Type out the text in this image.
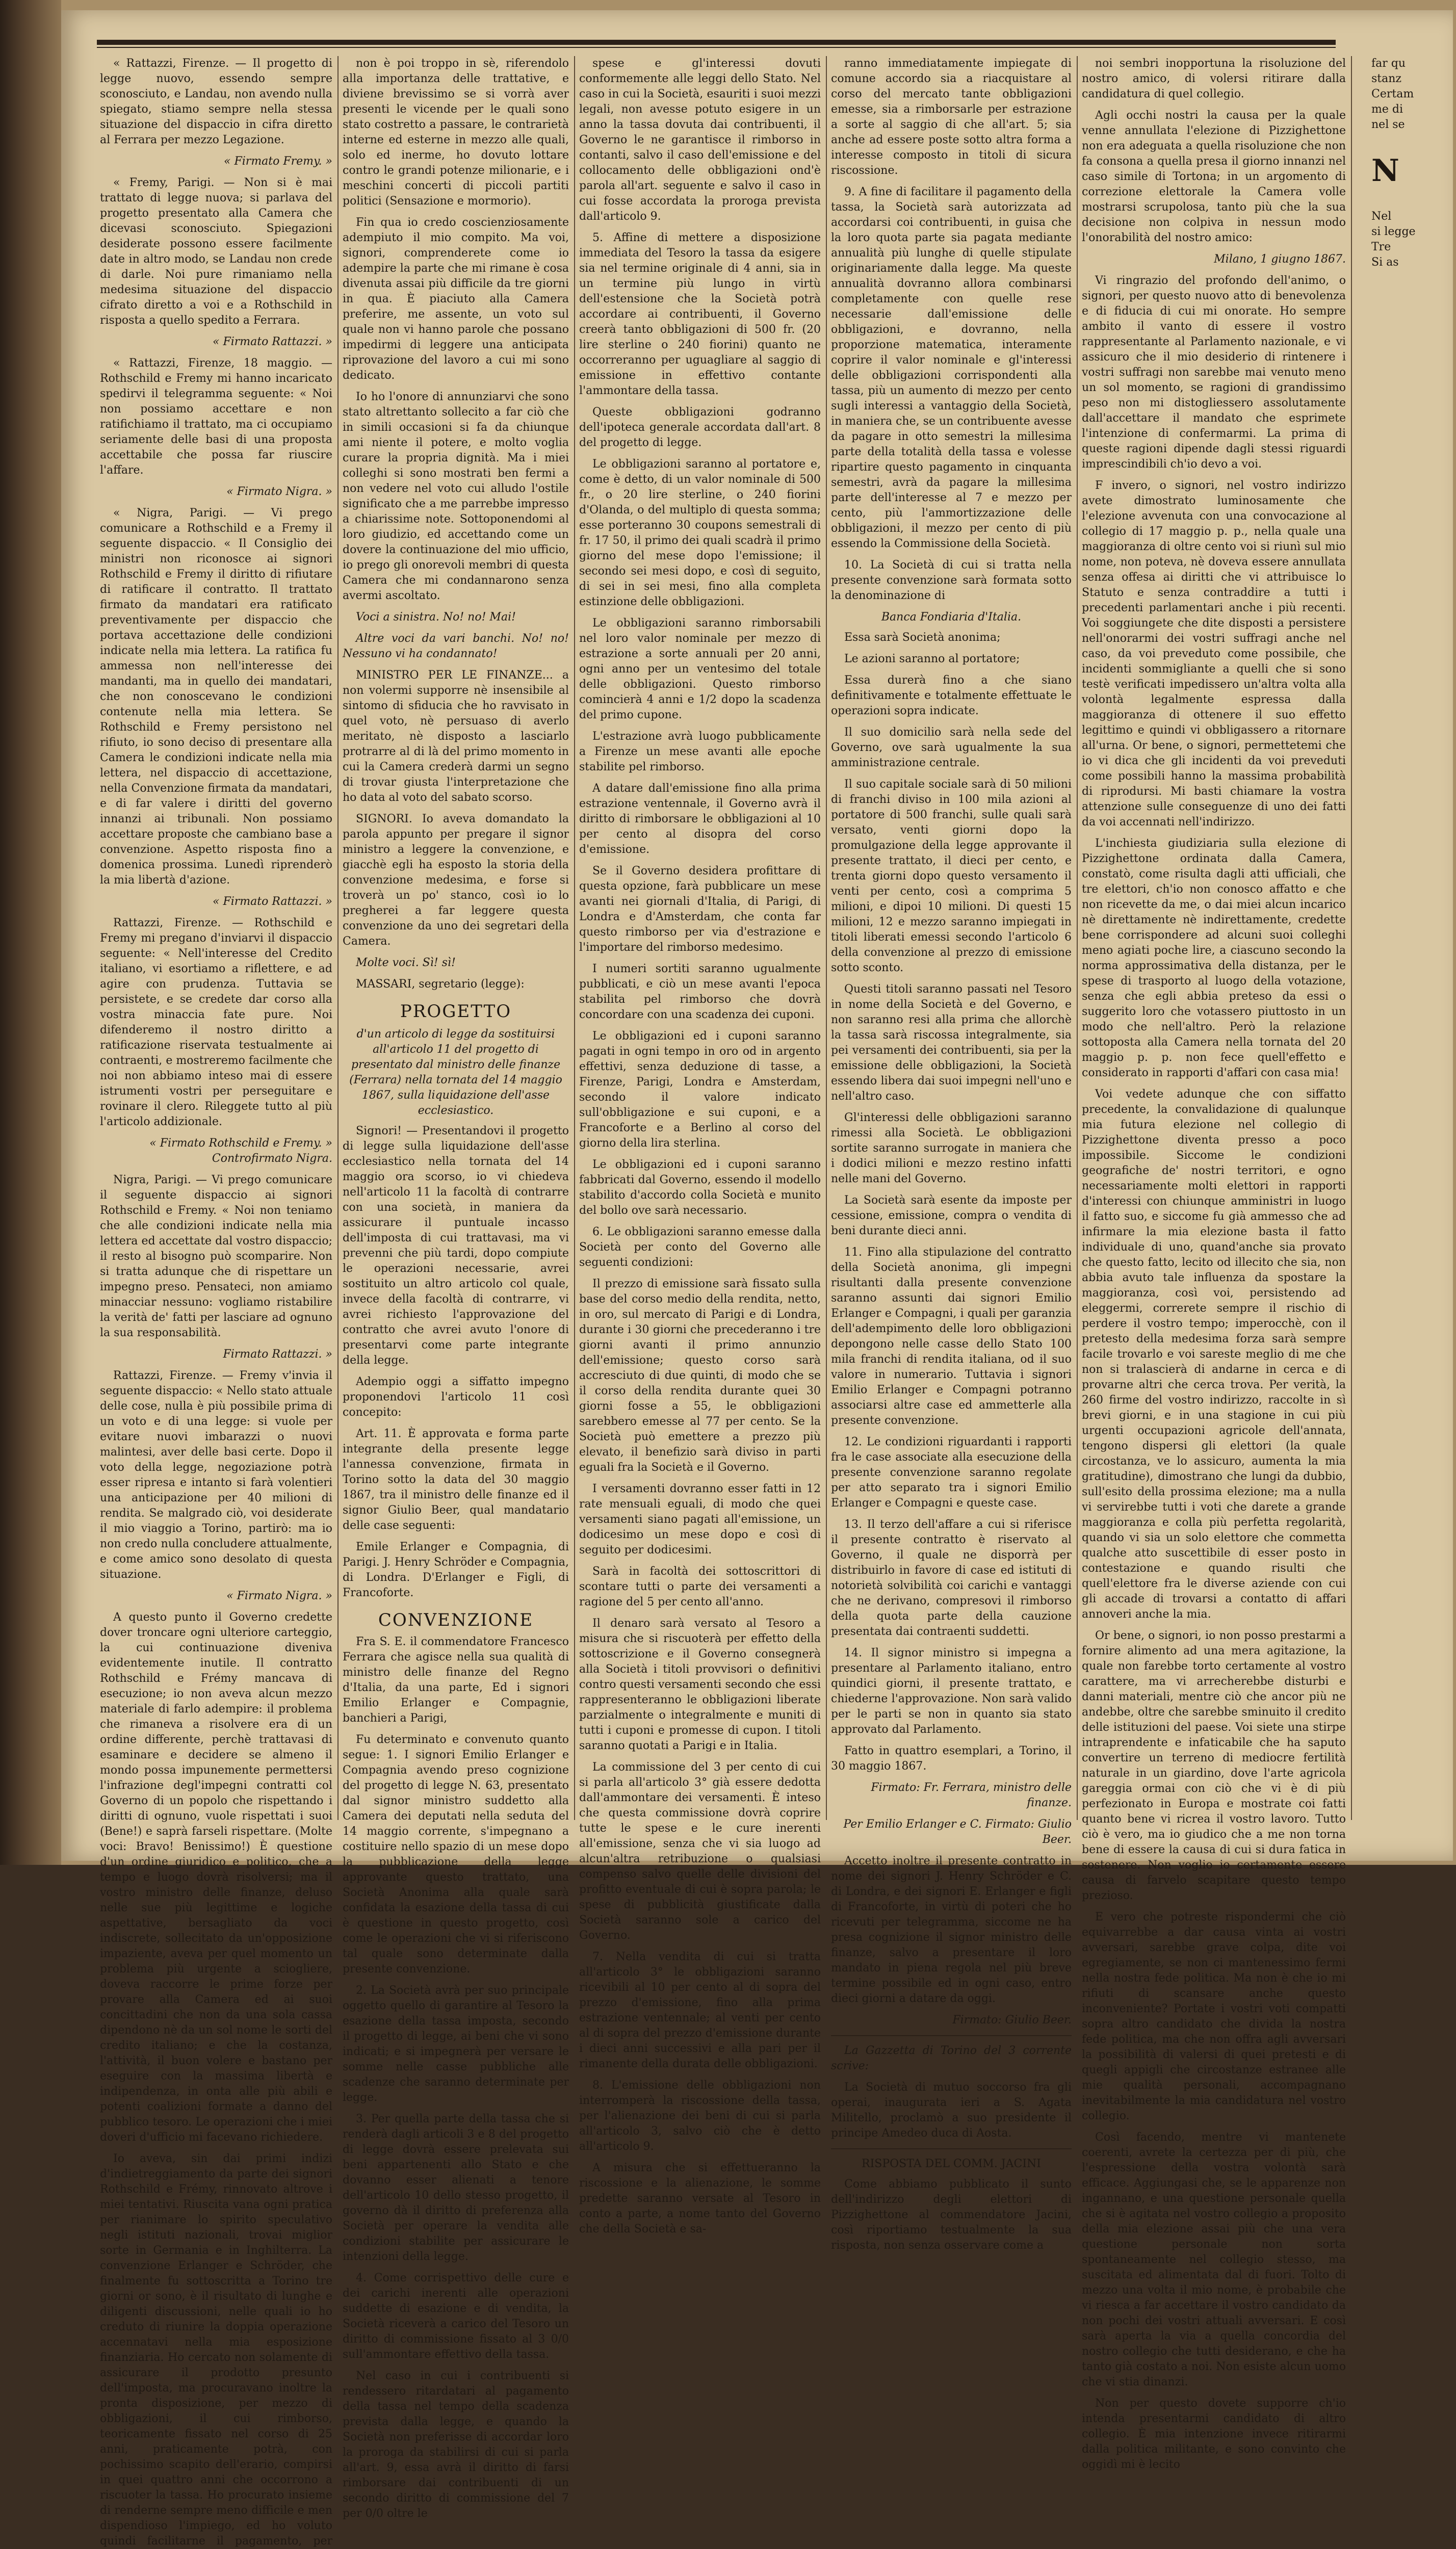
« Rattazzi, Firenze. — Il progetto di legge nuovo, essendo sempre sconosciuto, e Landau, non avendo nulla spiegato, stiamo sempre nella stessa situazione del dispaccio in cifra diretto al Ferrara per mezzo Legazione.

« Firmato Fremy. »

« Fremy, Parigi. — Non si è mai trattato di legge nuova; si parlava del progetto presentato alla Camera che dicevasi sconosciuto. Spiegazioni desiderate possono essere facilmente date in altro modo, se Landau non crede di darle. Noi pure rimaniamo nella medesima situazione del dispaccio cifrato diretto a voi e a Rothschild in risposta a quello spedito a Ferrara.

« Firmato Rattazzi. »

« Rattazzi, Firenze, 18 maggio. — Rothschild e Fremy mi hanno incaricato spedirvi il telegramma seguente: « Noi non possiamo accettare e non ratifichiamo il trattato, ma ci occupiamo seriamente delle basi di una proposta accettabile che possa far riuscire l'affare.

« Firmato Nigra. »

« Nigra, Parigi. — Vi prego comunicare a Rothschild e a Fremy il seguente dispaccio. « Il Consiglio dei ministri non riconosce ai signori Rothschild e Fremy il diritto di rifiutare di ratificare il contratto. Il trattato firmato da mandatari era ratificato preventivamente per dispaccio che portava accettazione delle condizioni indicate nella mia lettera. La ratifica fu ammessa non nell'interesse dei mandanti, ma in quello dei mandatari, che non conoscevano le condizioni contenute nella mia lettera. Se Rothschild e Fremy persistono nel rifiuto, io sono deciso di presentare alla Camera le condizioni indicate nella mia lettera, nel dispaccio di accettazione, nella Convenzione firmata da mandatari, e di far valere i diritti del governo innanzi ai tribunali. Non possiamo accettare proposte che cambiano base a convenzione. Aspetto risposta fino a domenica prossima. Lunedì riprenderò la mia libertà d'azione.

« Firmato Rattazzi. »

Rattazzi, Firenze. — Rothschild e Fremy mi pregano d'inviarvi il dispaccio seguente: « Nell'interesse del Credito italiano, vi esortiamo a riflettere, e ad agire con prudenza. Tuttavia se persistete, e se credete dar corso alla vostra minaccia fate pure. Noi difenderemo il nostro diritto a ratificazione riservata testualmente ai contraenti, e mostreremo facilmente che noi non abbiamo inteso mai di essere istrumenti vostri per perseguitare e rovinare il clero. Rileggete tutto al più l'articolo addizionale.

« Firmato Rothschild e Fremy. » Controfirmato Nigra.

Nigra, Parigi. — Vi prego comunicare il seguente dispaccio ai signori Rothschild e Fremy. « Noi non teniamo che alle condizioni indicate nella mia lettera ed accettate dal vostro dispaccio; il resto al bisogno può scomparire. Non si tratta adunque che di rispettare un impegno preso. Pensateci, non amiamo minacciar nessuno: vogliamo ristabilire la verità de' fatti per lasciare ad ognuno la sua responsabilità.

Firmato Rattazzi. »

Rattazzi, Firenze. — Fremy v'invia il seguente dispaccio: « Nello stato attuale delle cose, nulla è più possibile prima di un voto e di una legge: si vuole per evitare nuovi imbarazzi o nuovi malintesi, aver delle basi certe. Dopo il voto della legge, negoziazione potrà esser ripresa e intanto si farà volentieri una anticipazione per 40 milioni di rendita. Se malgrado ciò, voi desiderate il mio viaggio a Torino, partirò: ma io non credo nulla concludere attualmente, e come amico sono desolato di questa situazione.

« Firmato Nigra. »

A questo punto il Governo credette dover troncare ogni ulteriore carteggio, la cui continuazione diveniva evidentemente inutile. Il contratto Rothschild e Frémy mancava di esecuzione; io non aveva alcun mezzo materiale di farlo adempire: il problema che rimaneva a risolvere era di un ordine differente, perchè trattavasi di esaminare e decidere se almeno il mondo possa impunemente permettersi l'infrazione degl'impegni contratti col Governo di un popolo che rispettando i diritti di ognuno, vuole rispettati i suoi (Bene!) e saprà farseli rispettare. (Molte voci: Bravo! Benissimo!) È questione d'un ordine giuridico e politico, che a tempo e luogo dovrà risolversi; ma il vostro ministro delle finanze, deluso nelle sue più legittime e logiche aspettative, bersagliato da voci indiscrete, sollecitato da un'opposizione impaziente, aveva per quel momento un problema più urgente a sciogliere, doveva raccorre le prime forze per provare alla Camera ed ai suoi concittadini che non da una sola cassa dipendono nè da un sol nome le sorti del credito italiano; e che la costanza, l'attività, il buon volere e bastano per eseguire con la massima libertà e indipendenza, in onta alle più abili e potenti coalizioni formate a danno del pubblico tesoro. Le operazioni che i miei doveri d'ufficio mi facevano richiedere.

Io aveva, sin dai primi indizi d'indietreggiamento da parte dei signori Rothschild e Frémy, rinnovato altrove i miei tentativi. Riuscita vana ogni pratica per rianimare lo spirito speculativo negli istituti nazionali, trovai miglior sorte in Germania e in Inghilterra. La convenzione Erlanger e Schröder, che finalmente fu sottoscritta a Torino tre giorni or sono, è il risultato di lunghe e diligenti discussioni, nelle quali io ho creduto di riunire la doppia operazione accennatavi nella mia esposizione finanziaria. Ho cercato non solamente di assicurare il prodotto presunto dell'imposta, ma procuravano inoltre la pronta disposizione, per mezzo di obbligazioni, il cui rimborso, teoricamente fissato nel corso di 25 anni, praticamente potrà, con pochissimo scapito dell'erario, compirsi in quei quattro anni che occorrono a riscuoter la tassa. Ho procurato insieme di renderne sempre meno difficile e men dispendioso l'impiego, ed ho voluto quindi facilitarne il pagamento, per

non è poi troppo in sè, riferendolo alla importanza delle trattative, e diviene brevissimo se si vorrà aver presenti le vicende per le quali sono stato costretto a passare, le contrarietà interne ed esterne in mezzo alle quali, solo ed inerme, ho dovuto lottare contro le grandi potenze milionarie, e i meschini concerti di piccoli partiti politici (Sensazione e mormorio).

Fin qua io credo coscienziosamente adempiuto il mio compito. Ma voi, signori, comprenderete come io adempire la parte che mi rimane è cosa divenuta assai più difficile da tre giorni in qua. È piaciuto alla Camera preferire, me assente, un voto sul quale non vi hanno parole che possano impedirmi di leggere una anticipata riprovazione del lavoro a cui mi sono dedicato.

Io ho l'onore di annunziarvi che sono stato altrettanto sollecito a far ciò che in simili occasioni si fa da chiunque ami niente il potere, e molto voglia curare la propria dignità. Ma i miei colleghi si sono mostrati ben fermi a non vedere nel voto cui alludo l'ostile significato che a me parrebbe impresso a chiarissime note. Sottoponendomi al loro giudizio, ed accettando come un dovere la continuazione del mio ufficio, io prego gli onorevoli membri di questa Camera che mi condannarono senza avermi ascoltato.

Voci a sinistra. No! no! Mai!

Altre voci da vari banchi. No! no! Nessuno vi ha condannato!

MINISTRO PER LE FINANZE... a non volermi supporre nè insensibile al sintomo di sfiducia che ho ravvisato in quel voto, nè persuaso di averlo meritato, nè disposto a lasciarlo protrarre al di là del primo momento in cui la Camera crederà darmi un segno di trovar giusta l'interpretazione che ho data al voto del sabato scorso.

SIGNORI. Io aveva domandato la parola appunto per pregare il signor ministro a leggere la convenzione, e giacchè egli ha esposto la storia della convenzione medesima, e forse si troverà un po' stanco, così io lo pregherei a far leggere questa convenzione da uno dei segretari della Camera.

Molte voci. Sì! sì!

MASSARI, segretario (legge):

PROGETTO

d'un articolo di legge da sostituirsi all'articolo 11 del progetto di presentato dal ministro delle finanze (Ferrara) nella tornata del 14 maggio 1867, sulla liquidazione dell'asse ecclesiastico.

Signori! — Presentandovi il progetto di legge sulla liquidazione dell'asse ecclesiastico nella tornata del 14 maggio ora scorso, io vi chiedeva nell'articolo 11 la facoltà di contrarre con una società, in maniera da assicurare il puntuale incasso dell'imposta di cui trattavasi, ma vi prevenni che più tardi, dopo compiute le operazioni necessarie, avrei sostituito un altro articolo col quale, invece della facoltà di contrarre, vi avrei richiesto l'approvazione del contratto che avrei avuto l'onore di presentarvi come parte integrante della legge.

Adempio oggi a siffatto impegno proponendovi l'articolo 11 così concepito:

Art. 11. È approvata e forma parte integrante della presente legge l'annessa convenzione, firmata in Torino sotto la data del 30 maggio 1867, tra il ministro delle finanze ed il signor Giulio Beer, qual mandatario delle case seguenti:

Emile Erlanger e Compagnia, di Parigi. J. Henry Schröder e Compagnia, di Londra. D'Erlanger e Figli, di Francoforte.

CONVENZIONE

Fra S. E. il commendatore Francesco Ferrara che agisce nella sua qualità di ministro delle finanze del Regno d'Italia, da una parte, Ed i signori Emilio Erlanger e Compagnie, banchieri a Parigi,

Fu determinato e convenuto quanto segue: 1. I signori Emilio Erlanger e Compagnia avendo preso cognizione del progetto di legge N. 63, presentato dal signor ministro suddetto alla Camera dei deputati nella seduta del 14 maggio corrente, s'impegnano a costituire nello spazio di un mese dopo la pubblicazione della legge approvante questo trattato, una Società Anonima alla quale sarà confidata la esazione della tassa di cui è questione in questo progetto, così come le operazioni che vi si riferiscono tal quale sono determinate dalla presente convenzione.

2. La Società avrà per suo principale oggetto quello di garantire al Tesoro la esazione della tassa imposta, secondo il progetto di legge, ai beni che vi sono indicati; e si impegnerà per versare le somme nelle casse pubbliche alle scadenze che saranno determinate per legge.

3. Per quella parte della tassa che si renderà dagli articoli 3 e 8 del progetto di legge dovrà essere prelevata sui beni appartenenti allo Stato e che dovanno esser alienati a tenore dell'articolo 10 dello stesso progetto, il governo dà il diritto di preferenza alla Società per operare la vendita alle condizioni stabilite per assicurare le intenzioni della legge.

4. Come corrispettivo delle cure e dei carichi inerenti alle operazioni suddette di esazione e di vendita, la Società riceverà a carico del Tesoro un diritto di commissione fissato al 3 0/0 sull'ammontare effettivo della tassa.

Nel caso in cui i contribuenti si rendessero ritardatari al pagamento della tassa nel tempo della scadenza prevista dalla legge, e quando la Società non preferisse di accordar loro la proroga da stabilirsi di cui si parla all'art. 9, essa avrà il diritto di farsi rimborsare dai contribuenti di un secondo diritto di commissione del 7 per 0/0 oltre le

spese e gl'interessi dovuti conformemente alle leggi dello Stato. Nel caso in cui la Società, esauriti i suoi mezzi legali, non avesse potuto esigere in un anno la tassa dovuta dai contribuenti, il Governo le ne garantisce il rimborso in contanti, salvo il caso dell'emissione e del collocamento delle obbligazioni ond'è parola all'art. seguente e salvo il caso in cui fosse accordata la proroga prevista dall'articolo 9.

5. Affine di mettere a disposizione immediata del Tesoro la tassa da esigere sia nel termine originale di 4 anni, sia in un termine più lungo in virtù dell'estensione che la Società potrà accordare ai contribuenti, il Governo creerà tanto obbligazioni di 500 fr. (20 lire sterline o 240 fiorini) quanto ne occorreranno per uguagliare al saggio di emissione in effettivo contante l'ammontare della tassa.

Queste obbligazioni godranno dell'ipoteca generale accordata dall'art. 8 del progetto di legge.

Le obbligazioni saranno al portatore e, come è detto, di un valor nominale di 500 fr., o 20 lire sterline, o 240 fiorini d'Olanda, o del multiplo di questa somma; esse porteranno 30 coupons semestrali di fr. 17 50, il primo dei quali scadrà il primo giorno del mese dopo l'emissione; il secondo sei mesi dopo, e così di seguito, di sei in sei mesi, fino alla completa estinzione delle obbligazioni.

Le obbligazioni saranno rimborsabili nel loro valor nominale per mezzo di estrazione a sorte annuali per 20 anni, ogni anno per un ventesimo del totale delle obbligazioni. Questo rimborso comincierà 4 anni e 1/2 dopo la scadenza del primo cupone.

L'estrazione avrà luogo pubblicamente a Firenze un mese avanti alle epoche stabilite pel rimborso.

A datare dall'emissione fino alla prima estrazione ventennale, il Governo avrà il diritto di rimborsare le obbligazioni al 10 per cento al disopra del corso d'emissione.

Se il Governo desidera profittare di questa opzione, farà pubblicare un mese avanti nei giornali d'Italia, di Parigi, di Londra e d'Amsterdam, che conta far questo rimborso per via d'estrazione e l'importare del rimborso medesimo.

I numeri sortiti saranno ugualmente pubblicati, e ciò un mese avanti l'epoca stabilita pel rimborso che dovrà concordare con una scadenza dei cuponi.

Le obbligazioni ed i cuponi saranno pagati in ogni tempo in oro od in argento effettivi, senza deduzione di tasse, a Firenze, Parigi, Londra e Amsterdam, secondo il valore indicato sull'obbligazione e sui cuponi, e a Francoforte e a Berlino al corso del giorno della lira sterlina.

Le obbligazioni ed i cuponi saranno fabbricati dal Governo, essendo il modello stabilito d'accordo colla Società e munito del bollo ove sarà necessario.

6. Le obbligazioni saranno emesse dalla Società per conto del Governo alle seguenti condizioni:

Il prezzo di emissione sarà fissato sulla base del corso medio della rendita, netto, in oro, sul mercato di Parigi e di Londra, durante i 30 giorni che precederanno i tre giorni avanti il primo annunzio dell'emissione; questo corso sarà accresciuto di due quinti, di modo che se il corso della rendita durante quei 30 giorni fosse a 55, le obbligazioni sarebbero emesse al 77 per cento. Se la Società può emettere a prezzo più elevato, il benefizio sarà diviso in parti eguali fra la Società e il Governo.

I versamenti dovranno esser fatti in 12 rate mensuali eguali, di modo che quei versamenti siano pagati all'emissione, un dodicesimo un mese dopo e così di seguito per dodicesimi.

Sarà in facoltà dei sottoscrittori di scontare tutti o parte dei versamenti a ragione del 5 per cento all'anno.

Il denaro sarà versato al Tesoro a misura che si riscuoterà per effetto della sottoscrizione e il Governo consegnerà alla Società i titoli provvisori o definitivi contro questi versamenti secondo che essi rappresenteranno le obbligazioni liberate parzialmente o integralmente e muniti di tutti i cuponi e promesse di cupon. I titoli saranno quotati a Parigi e in Italia.

La commissione del 3 per cento di cui si parla all'articolo 3° già essere dedotta dall'ammontare dei versamenti. È inteso che questa commissione dovrà coprire tutte le spese e le cure inerenti all'emissione, senza che vi sia luogo ad alcun'altra retribuzione o qualsiasi compenso salvo quelle delle divisioni del profitto eventuale di cui è sopra parola; le spese di pubblicità giustificate dalla Società saranno sole a carico del Governo.

7. Nella vendita di cui si tratta all'articolo 3° le obbligazioni saranno ricevibili al 10 per cento al di sopra del prezzo d'emissione, fino alla prima estrazione ventennale; al venti per cento al di sopra del prezzo d'emissione durante i dieci anni successivi e alla pari per il rimanente della durata delle obbligazioni.

8. L'emissione delle obbligazioni non interromperà la riscossione della tassa, per l'alienazione dei beni di cui si parla all'articolo 3, salvo ciò che è detto all'articolo 9.

A misura che si effettueranno la riscossione e la alienazione, le somme predette saranno versate al Tesoro in conto a parte, a nome tanto del Governo che della Società e sa-

ranno immediatamente impiegate di comune accordo sia a riacquistare al corso del mercato tante obbligazioni emesse, sia a rimborsarle per estrazione a sorte al saggio di che all'art. 5; sia anche ad essere poste sotto altra forma a interesse composto in titoli di sicura riscossione.

9. A fine di facilitare il pagamento della tassa, la Società sarà autorizzata ad accordarsi coi contribuenti, in guisa che la loro quota parte sia pagata mediante annualità più lunghe di quelle stipulate originariamente dalla legge. Ma queste annualità dovranno allora combinarsi completamente con quelle rese necessarie dall'emissione delle obbligazioni, e dovranno, nella proporzione matematica, interamente coprire il valor nominale e gl'interessi delle obbligazioni corrispondenti alla tassa, più un aumento di mezzo per cento sugli interessi a vantaggio della Società, in maniera che, se un contribuente avesse da pagare in otto semestri la millesima parte della totalità della tassa e volesse ripartire questo pagamento in cinquanta semestri, avrà da pagare la millesima parte dell'interesse al 7 e mezzo per cento, più l'ammortizzazione delle obbligazioni, il mezzo per cento di più essendo la Commissione della Società.

10. La Società di cui si tratta nella presente convenzione sarà formata sotto la denominazione di

Banca Fondiaria d'Italia.

Essa sarà Società anonima;

Le azioni saranno al portatore;

Essa durerà fino a che siano definitivamente e totalmente effettuate le operazioni sopra indicate.

Il suo domicilio sarà nella sede del Governo, ove sarà ugualmente la sua amministrazione centrale.

Il suo capitale sociale sarà di 50 milioni di franchi diviso in 100 mila azioni al portatore di 500 franchi, sulle quali sarà versato, venti giorni dopo la promulgazione della legge approvante il presente trattato, il dieci per cento, e trenta giorni dopo questo versamento il venti per cento, così a comprima 5 milioni, e dipoi 10 milioni. Di questi 15 milioni, 12 e mezzo saranno impiegati in titoli liberati emessi secondo l'articolo 6 della convenzione al prezzo di emissione sotto sconto.

Questi titoli saranno passati nel Tesoro in nome della Società e del Governo, e non saranno resi alla prima che allorchè la tassa sarà riscossa integralmente, sia pei versamenti dei contribuenti, sia per la emissione delle obbligazioni, la Società essendo libera dai suoi impegni nell'uno e nell'altro caso.

Gl'interessi delle obbligazioni saranno rimessi alla Società. Le obbligazioni sortite saranno surrogate in maniera che i dodici milioni e mezzo restino infatti nelle mani del Governo.

La Società sarà esente da imposte per cessione, emissione, compra o vendita di beni durante dieci anni.

11. Fino alla stipulazione del contratto della Società anonima, gli impegni risultanti dalla presente convenzione saranno assunti dai signori Emilio Erlanger e Compagni, i quali per garanzia dell'adempimento delle loro obbligazioni depongono nelle casse dello Stato 100 mila franchi di rendita italiana, od il suo valore in numerario. Tuttavia i signori Emilio Erlanger e Compagni potranno associarsi altre case ed ammetterle alla presente convenzione.

12. Le condizioni riguardanti i rapporti fra le case associate alla esecuzione della presente convenzione saranno regolate per atto separato tra i signori Emilio Erlanger e Compagni e queste case.

13. Il terzo dell'affare a cui si riferisce il presente contratto è riservato al Governo, il quale ne disporrà per distribuirlo in favore di case ed istituti di notorietà solvibilità coi carichi e vantaggi che ne derivano, compresovi il rimborso della quota parte della cauzione presentata dai contraenti suddetti.

14. Il signor ministro si impegna a presentare al Parlamento italiano, entro quindici giorni, il presente trattato, e chiederne l'approvazione. Non sarà valido per le parti se non in quanto sia stato approvato dal Parlamento.

Fatto in quattro esemplari, a Torino, il 30 maggio 1867.

Firmato: Fr. Ferrara, ministro delle finanze.

Per Emilio Erlanger e C. Firmato: Giulio Beer.

Accetto inoltre il presente contratto in nome dei signori J. Henry Schröder e C. di Londra, e dei signori E. Erlanger e figli di Francoforte, in virtù di poteri che ho ricevuti per telegramma, siccome ne ha presa cognizione il signor ministro delle finanze, salvo a presentare il loro mandato in piena regola nel più breve termine possibile ed in ogni caso, entro dieci giorni a datare da oggi.

Firmato: Giulio Beer.

La Gazzetta di Torino del 3 corrente scrive:

La Società di mutuo soccorso fra gli operai, inaugurata ieri a S. Agata Militello, proclamò a suo presidente il principe Amedeo duca di Aosta.

RISPOSTA DEL COMM. JACINI

Come abbiamo pubblicato il sunto dell'indirizzo degli elettori di Pizzighettone al commendatore Jacini, così riportiamo testualmente la sua risposta, non senza osservare come a

noi sembri inopportuna la risoluzione del nostro amico, di volersi ritirare dalla candidatura di quel collegio.

Agli occhi nostri la causa per la quale venne annullata l'elezione di Pizzighettone non era adeguata a quella risoluzione che non fa consona a quella presa il giorno innanzi nel caso simile di Tortona; in un argomento di correzione elettorale la Camera volle mostrarsi scrupolosa, tanto più che la sua decisione non colpiva in nessun modo l'onorabilità del nostro amico:

Milano, 1 giugno 1867.

Vi ringrazio del profondo dell'animo, o signori, per questo nuovo atto di benevolenza e di fiducia di cui mi onorate. Ho sempre ambito il vanto di essere il vostro rappresentante al Parlamento nazionale, e vi assicuro che il mio desiderio di rintenere i vostri suffragi non sarebbe mai venuto meno un sol momento, se ragioni di grandissimo peso non mi distogliessero assolutamente dall'accettare il mandato che esprimete l'intenzione di confermarmi. La prima di queste ragioni dipende dagli stessi riguardi imprescindibili ch'io devo a voi.

F invero, o signori, nel vostro indirizzo avete dimostrato luminosamente che l'elezione avvenuta con una convocazione al collegio di 17 maggio p. p., nella quale una maggioranza di oltre cento voi si riunì sul mio nome, non poteva, nè doveva essere annullata senza offesa ai diritti che vi attribuisce lo Statuto e senza contraddire a tutti i precedenti parlamentari anche i più recenti. Voi soggiungete che dite disposti a persistere nell'onorarmi dei vostri suffragi anche nel caso, da voi preveduto come possibile, che incidenti sommigliante a quelli che si sono testè verificati impedissero un'altra volta alla volontà legalmente espressa dalla maggioranza di ottenere il suo effetto legittimo e quindi vi obbligassero a ritornare all'urna. Or bene, o signori, permettetemi che io vi dica che gli incidenti da voi preveduti come possibili hanno la massima probabilità di riprodursi. Mi basti chiamare la vostra attenzione sulle conseguenze di uno dei fatti da voi accennati nell'indirizzo.

L'inchiesta giudiziaria sulla elezione di Pizzighettone ordinata dalla Camera, constatò, come risulta dagli atti ufficiali, che tre elettori, ch'io non conosco affatto e che non ricevette da me, o dai miei alcun incarico nè direttamente nè indirettamente, credette bene corrispondere ad alcuni suoi colleghi meno agiati poche lire, a ciascuno secondo la norma approssimativa della distanza, per le spese di trasporto al luogo della votazione, senza che egli abbia preteso da essi o suggerito loro che votassero piuttosto in un modo che nell'altro. Però la relazione sottoposta alla Camera nella tornata del 20 maggio p. p. non fece quell'effetto e considerato in rapporti d'affari con casa mia!

Voi vedete adunque che con siffatto precedente, la convalidazione di qualunque mia futura elezione nel collegio di Pizzighettone diventa presso a poco impossibile. Siccome le condizioni geografiche de' nostri territori, e ogno necessariamente molti elettori in rapporti d'interessi con chiunque amministri in luogo il fatto suo, e siccome fu già ammesso che ad infirmare la mia elezione basta il fatto individuale di uno, quand'anche sia provato che questo fatto, lecito od illecito che sia, non abbia avuto tale influenza da spostare la maggioranza, così voi, persistendo ad eleggermi, correrete sempre il rischio di perdere il vostro tempo; imperocchè, con il pretesto della medesima forza sarà sempre facile trovarlo e voi sareste meglio di me che non si tralascierà di andarne in cerca e di provarne altri che cerca trova. Per verità, la 260 firme del vostro indirizzo, raccolte in sì brevi giorni, e in una stagione in cui più urgenti occupazioni agricole dell'annata, tengono dispersi gli elettori (la quale circostanza, ve lo assicuro, aumenta la mia gratitudine), dimostrano che lungi da dubbio, sull'esito della prossima elezione; ma a nulla vi servirebbe tutti i voti che darete a grande maggioranza e colla più perfetta regolarità, quando vi sia un solo elettore che commetta qualche atto suscettibile di esser posto in contestazione e quando risulti che quell'elettore fra le diverse aziende con cui gli accade di trovarsi a contatto di affari annoveri anche la mia.

Or bene, o signori, io non posso prestarmi a fornire alimento ad una mera agitazione, la quale non farebbe torto certamente al vostro carattere, ma vi arrecherebbe disturbi e danni materiali, mentre ciò che ancor più ne andebbe, oltre che sarebbe sminuito il credito delle istituzioni del paese. Voi siete una stirpe intraprendente e infaticabile che ha saputo convertire un terreno di mediocre fertilità naturale in un giardino, dove l'arte agricola gareggia ormai con ciò che vi è di più perfezionato in Europa e mostrate coi fatti quanto bene vi ricrea il vostro lavoro. Tutto ciò è vero, ma io giudico che a me non torna bene di essere la causa di cui si dura fatica in sostenere. Non voglio io certamente essere causa di farvelo scapitare questo tempo prezioso.

E vero che potreste rispondermi che ciò equivarrebbe a dar causa vinta ai vostri avversari, sarebbe grave colpa, dite voi egregiamente, se non ci mantenessimo fermi nella nostra fede politica. Ma non è che io mi rifiuti di scansare anche questo inconveniente? Portate i vostri voti compatti sopra altro candidato che divida la nostra fede politica, ma che non offra agli avversari la possibilità di valersi di quei pretesti e di quegli appigli che circostanze estranee alle mie qualità personali, accompagnano inevitabilmente la mia candidatura nel vostro collegio.

Così facendo, mentre vi mantenete coerenti, avrete la certezza per di più, che l'espressione della vostra volontà sarà efficace. Aggiungasi che, se le apparenze non ingannano, e una questione personale quella che si è agitata nel vostro collegio a proposito della mia elezione assai più che una vera questione personale non sorta spontaneamente nel collegio stesso, ma suscitata ed alimentata dal di fuori. Tolto di mezzo una volta il mio nome, è probabile che vi riesca a far accettare il vostro candidato da non pochi dei vostri attuali avversari. E così sarà aperta la via a quella concordia del nostro collegio che tutti desiderano, e che ha tanto già costato a noi. Non esiste alcun uomo che vi stia dinanzi.

Non per questo dovete supporre ch'io intenda presentarmi candidato di altro collegio. È mia intenzione invece ritirarmi dalla politica militante, e sono convinto che oggidì mi è lecito

far qu
stanz
Certam
me di
nel se
N
Nel
si legge
Tre
Si as
